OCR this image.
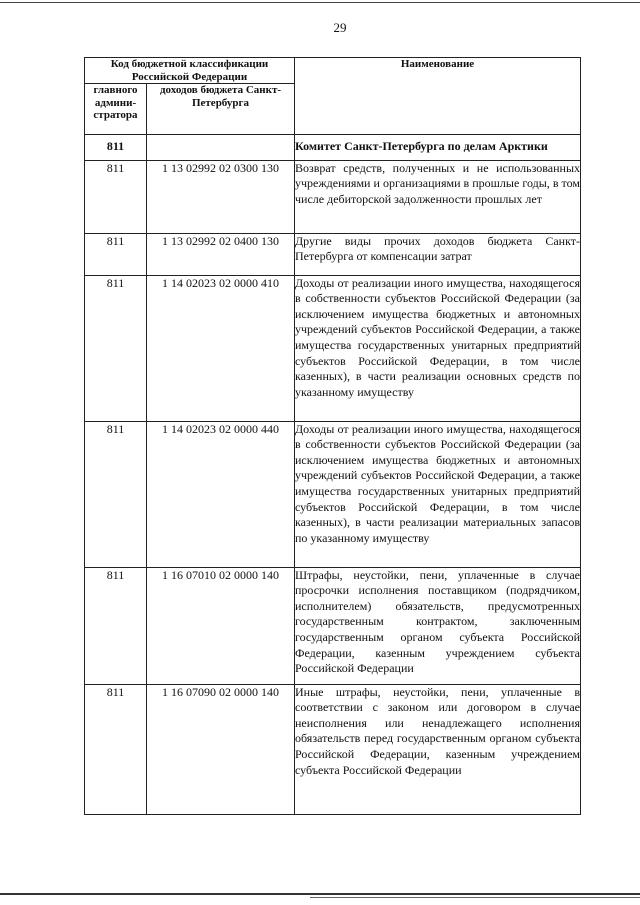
29
Код бюджетной классификации Российской Федерации		Наименование
главного админи-стратора	доходов бюджета Санкт-Петербурга	
811		Комитет Санкт-Петербурга по делам Арктики
811	1 13 02992 02 0300 130	Возврат средств, полученных и не использованных учреждениями и организациями в прошлые годы, в том числе дебиторской задолженности прошлых лет
811	1 13 02992 02 0400 130	Другие виды прочих доходов бюджета Санкт-Петербурга от компенсации затрат
811	1 14 02023 02 0000 410	Доходы от реализации иного имущества, находящегося в собственности субъектов Российской Федерации (за исключением имущества бюджетных и автономных учреждений субъектов Российской Федерации, а также имущества государственных унитарных предприятий субъектов Российской Федерации, в том числе казенных), в части реализации основных средств по указанному имуществу
811	1 14 02023 02 0000 440	Доходы от реализации иного имущества, находящегося в собственности субъектов Российской Федерации (за исключением имущества бюджетных и автономных учреждений субъектов Российской Федерации, а также имущества государственных унитарных предприятий субъектов Российской Федерации, в том числе казенных), в части реализации материальных запасов по указанному имуществу
811	1 16 07010 02 0000 140	Штрафы, неустойки, пени, уплаченные в случае просрочки исполнения поставщиком (подрядчиком, исполнителем) обязательств, предусмотренных государственным контрактом, заключенным государственным органом субъекта Российской Федерации, казенным учреждением субъекта Российской Федерации
811	1 16 07090 02 0000 140	Иные штрафы, неустойки, пени, уплаченные в соответствии с законом или договором в случае неисполнения или ненадлежащего исполнения обязательств перед государственным органом субъекта Российской Федерации, казенным учреждением субъекта Российской Федерации
